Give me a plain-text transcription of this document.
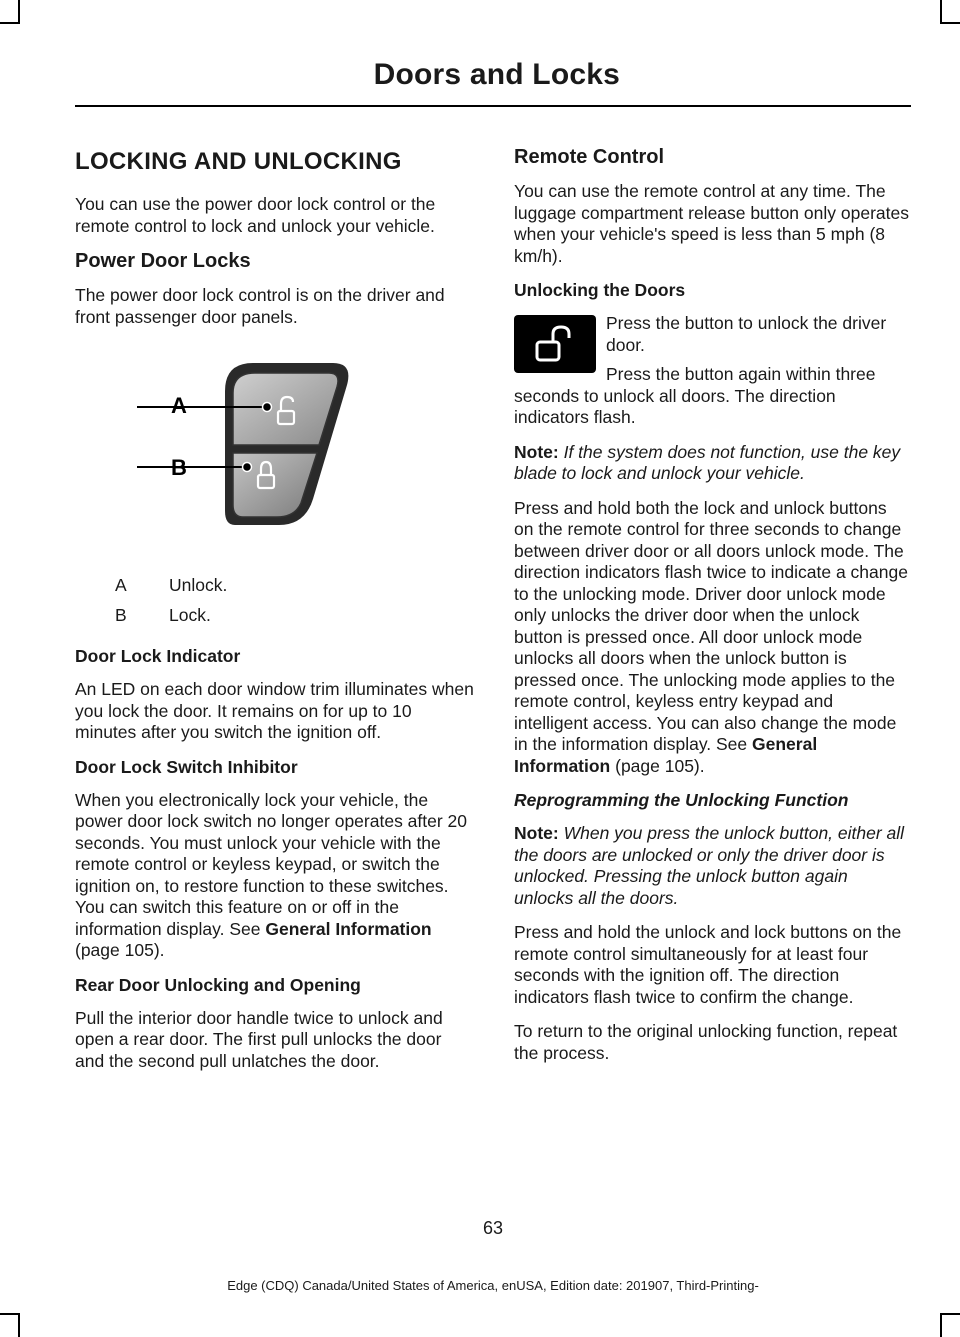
Doors and Locks
LOCKING AND UNLOCKING

You can use the power door lock control or the remote control to lock and unlock your vehicle.

Power Door Locks

The power door lock control is on the driver and front passenger door panels.

A
B
A	Unlock.
B	Lock.
Door Lock Indicator

An LED on each door window trim illuminates when you lock the door. It remains on for up to 10 minutes after you switch the ignition off.

Door Lock Switch Inhibitor

When you electronically lock your vehicle, the power door lock switch no longer operates after 20 seconds. You must unlock your vehicle with the remote control or keyless keypad, or switch the ignition on, to restore function to these switches. You can switch this feature on or off in the information display. See General Information (page 105).

Rear Door Unlocking and Opening

Pull the interior door handle twice to unlock and open a rear door. The first pull unlocks the door and the second pull unlatches the door.

Remote Control

You can use the remote control at any time. The luggage compartment release button only operates when your vehicle's speed is less than 5 mph (8 km/h).

Unlocking the Doors

Press the button to unlock the driver door.

Press the button again within three seconds to unlock all doors. The direction indicators flash.

Note: If the system does not function, use the key blade to lock and unlock your vehicle.

Press and hold both the lock and unlock buttons on the remote control for three seconds to change between driver door or all doors unlock mode. The direction indicators flash twice to indicate a change to the unlocking mode. Driver door unlock mode only unlocks the driver door when the unlock button is pressed once. All door unlock mode unlocks all doors when the unlock button is pressed once. The unlocking mode applies to the remote control, keyless entry keypad and intelligent access. You can also change the mode in the information display. See General Information (page 105).

Reprogramming the Unlocking Function

Note: When you press the unlock button, either all the doors are unlocked or only the driver door is unlocked. Pressing the unlock button again unlocks all the doors.

Press and hold the unlock and lock buttons on the remote control simultaneously for at least four seconds with the ignition off. The direction indicators flash twice to confirm the change.

To return to the original unlocking function, repeat the process.

63
Edge (CDQ) Canada/United States of America, enUSA, Edition date: 201907, Third-Printing-
